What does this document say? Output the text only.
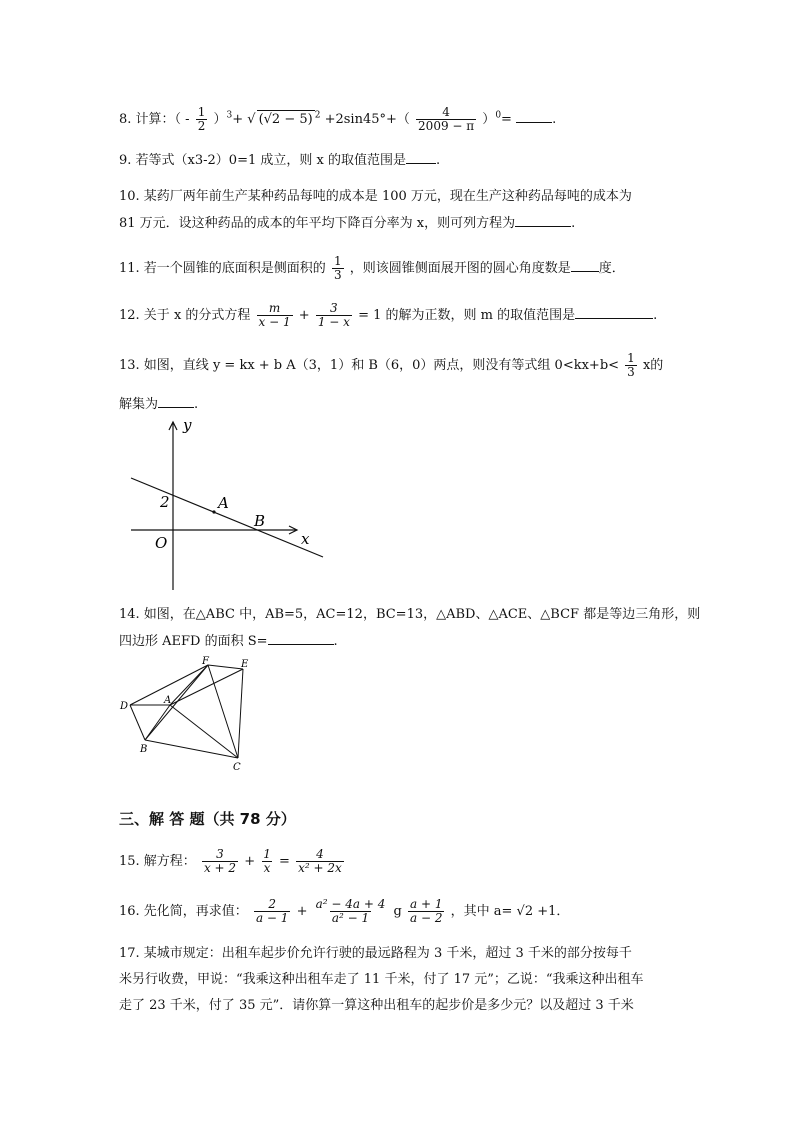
8. 计算：（ - $\frac{1}{2} )^3+$ √ (√2 − 5) $^2 +2\sin 45^\circ+( \frac{4}{2009 - \pi} )^0=$	.
9. 若等式（x3-2）0=1 成立，则 x 的取值范围是 .
10. 某药厂两年前生产某种药品每吨的成本是 100 万元，现在生产这种药品每吨的成本为
81 万元．设这种药品的成本的年平均下降百分率为 x，则可列方程为	.
11. 若一个圆锥的底面积是侧面积的 $\frac{1}{3}$ ，则该圆锥侧面展开图的圆心角度数是 度．
12. 关于 x 的分式方程 $\frac{m}{x - 1} + \frac{3}{1 - x} = 1$ 的解为正数，则 m 的取值范围是	.
13. 如图，直线 y = kx + b A（3，1）和 B（6，0）两点，则没有等式组 $0<kx+b< \frac{1}{3}$ x的
解集为	.
y
x
O
2	A
B
14. 如图，在△ABC 中，AB=5，AC=12，BC=13，△ABD、△ACE、△BCF 都是等边三角形，则
四边形 AEFD 的面积 S=	.
F	E
D
A
B
C
三、解 答 题（共 78 分）
15. 解方程： $\frac{3}{x + 2} + \frac{1}{x} = \frac{4}{\text{x² + 2x}}$
16. 先化简，再求值： $\frac{2}{a - 1} + \frac{\text{a² − 4a + 4}}{\text{a² − 1}}$ g $\frac{a + 1}{a - 2}$ ，其中 a= √2 +1．
17. 某城市规定：出租车起步价允许行驶的最远路程为 3 千米，超过 3 千米的部分按每千
米另行收费，甲说：“我乘这种出租车走了 11 千米，付了 17 元”；乙说：“我乘这种出租车
走了 23 千米，付了 35 元”．请你算一算这种出租车的起步价是多少元？以及超过 3 千米
